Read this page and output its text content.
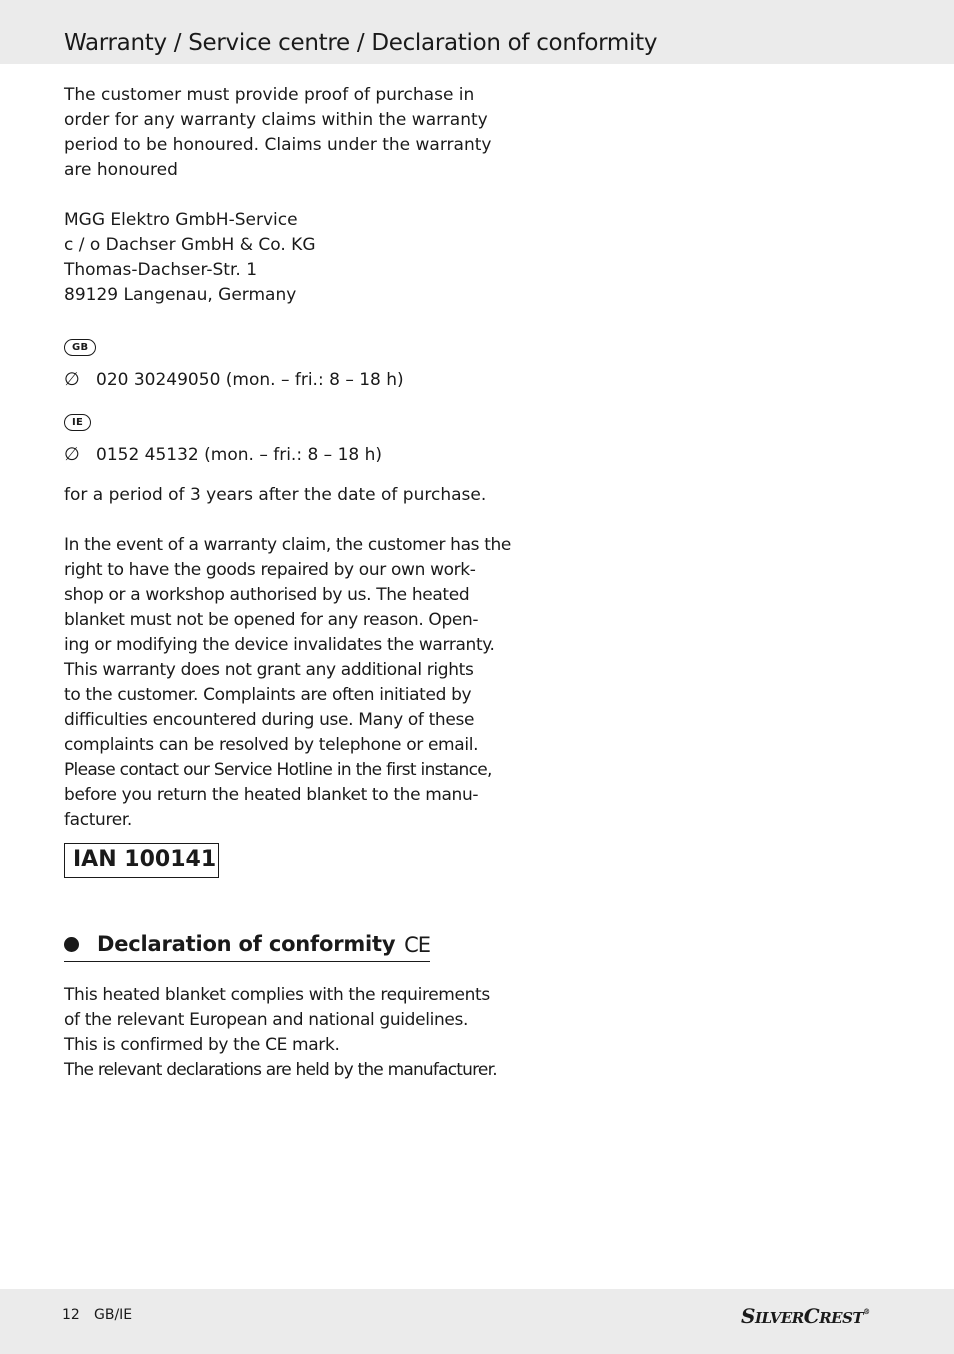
Warranty / Service centre / Declaration of conformity

The customer must provide proof of purchase in

order for any warranty claims within the warranty

period to be honoured. Claims under the warranty

are honoured

MGG Elektro GmbH-Service

c / o Dachser GmbH & Co. KG

Thomas-Dachser-Str. 1

89129 Langenau, Germany

GB
∅ 020 30249050 (mon. – fri.: 8 – 18 h)
IE
∅ 0152 45132 (mon. – fri.: 8 – 18 h)

for a period of 3 years after the date of purchase.

In the event of a warranty claim, the customer has the

right to have the goods repaired by our own work-

shop or a workshop authorised by us. The heated

blanket must not be opened for any reason. Open-

ing or modifying the device invalidates the warranty.

This warranty does not grant any additional rights

to the customer. Complaints are often initiated by

difficulties encountered during use. Many of these

complaints can be resolved by telephone or email.

Please contact our Service Hotline in the first instance,

before you return the heated blanket to the manu-

facturer.

IAN 100141
Declaration of conformity CE

This heated blanket complies with the requirements

of the relevant European and national guidelines.

This is confirmed by the CE mark.

The relevant declarations are held by the manufacturer.

12 GB/IE	SILVERCREST®
